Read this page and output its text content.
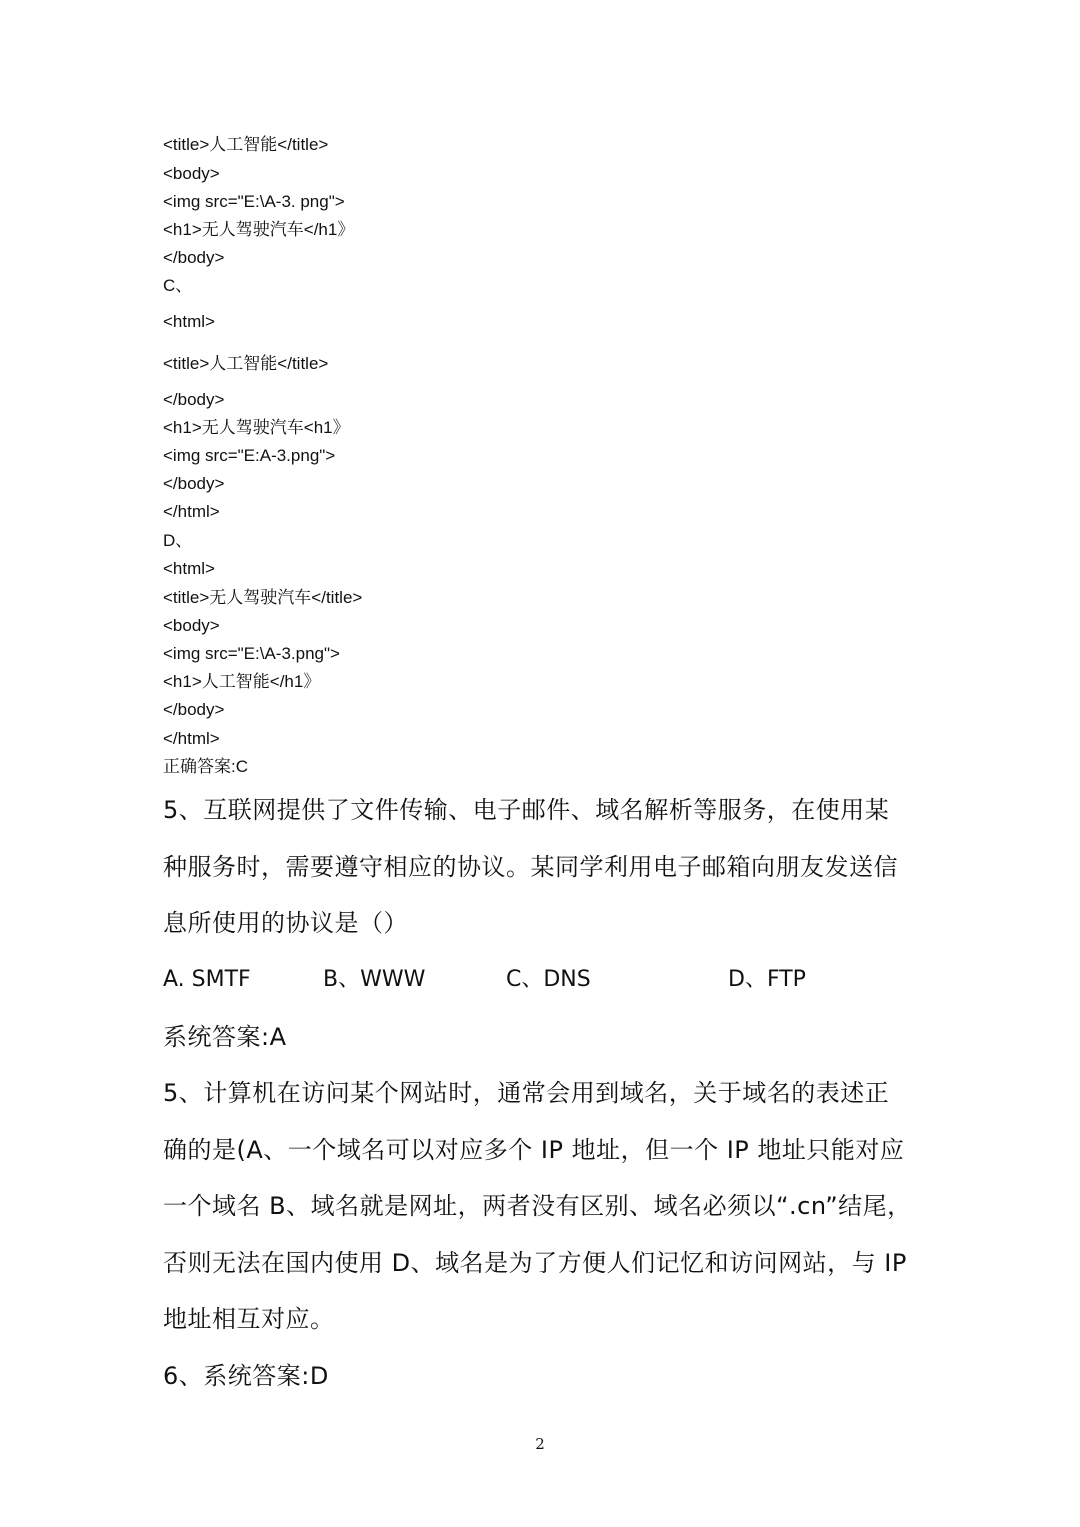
<title>人工智能</title>
<body>
<img src="E:\A-3. png">
<h1>无人驾驶汽车</h1》
</body>
C、
<html>
<title>人工智能</title>
</body>
<h1>无人驾驶汽车<h1》
<img src="E:A-3.png">
</body>
</html>
D、
<html>
<title>无人驾驶汽车</title>
<body>
<img src="E:\A-3.png">
<h1>人工智能</h1》
</body>
</html>
正确答案:C
5、互联网提供了文件传输、电子邮件、域名解析等服务，在使用某
种服务时，需要遵守相应的协议。某同学利用电子邮箱向朋友发送信
息所使用的协议是（）
A. SMTF	B、WWW	C、DNS	D、FTP
系统答案:A
5、计算机在访问某个网站时，通常会用到域名，关于域名的表述正
确的是(A、一个域名可以对应多个 IP 地址，但一个 IP 地址只能对应
一个域名 B、域名就是网址，两者没有区别、域名必须以“.cn”结尾，
否则无法在国内使用 D、域名是为了方便人们记忆和访问网站，与 IP
地址相互对应。
6、系统答案:D
2
